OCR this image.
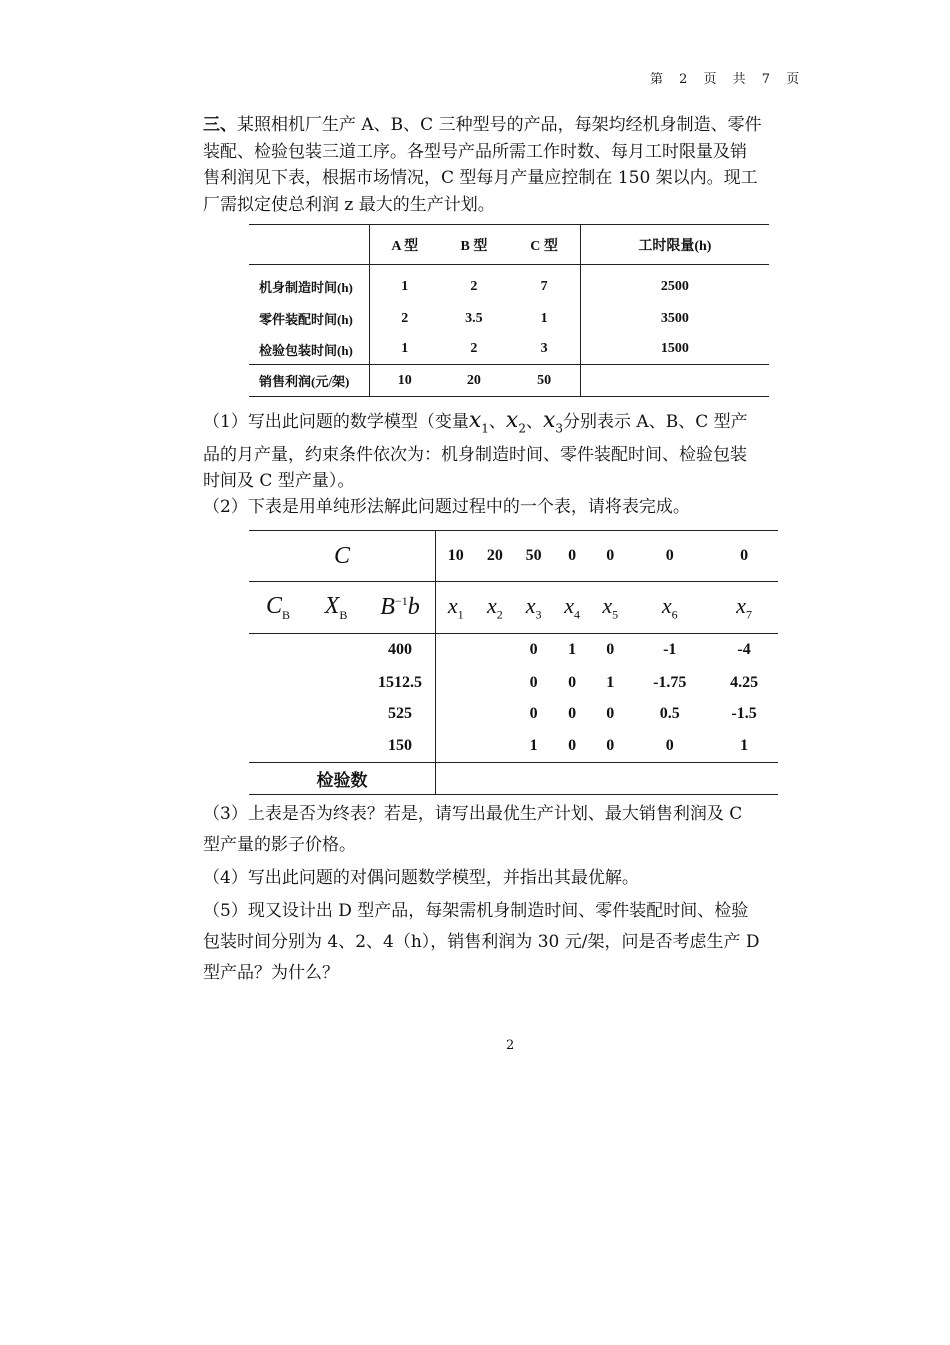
第 2 页 共 7 页

三、某照相机厂生产 A、B、C 三种型号的产品，每架均经机身制造、零件装配、检验包装三道工序。各型号产品所需工作时数、每月工时限量及销售利润见下表，根据市场情况，C 型每月产量应控制在 150 架以内。现工厂需拟定使总利润 z 最大的生产计划。

	A 型	B 型	C 型	工时限量(h)
机身制造时间(h)	1	2	7	2500
零件装配时间(h)	2	3.5	1	3500
检验包装时间(h)	1	2	3	1500
销售利润(元/架)	10	20	50	

（1）写出此问题的数学模型（变量$x_1$、$x_2$、$x_3$分别表示 A、B、C 型产品的月产量，约束条件依次为：机身制造时间、零件装配时间、检验包装时间及 C 型产量）。

（2）下表是用单纯形法解此问题过程中的一个表，请将表完成。

C			10	20	50	0	0	0	0
$C_B$	$X_B$	$B^{-1}b$	$x_1$	$x_2$	$x_3$	$x_4$	$x_5$	$x_6$	$x_7$
		400			0	1	0	-1	-4
		1512.5			0	0	1	-1.75	4.25
		525			0	0	0	0.5	-1.5
		150			1	0	0	0	1
检验数									

（3）上表是否为终表？若是，请写出最优生产计划、最大销售利润及 C 型产量的影子价格。

（4）写出此问题的对偶问题数学模型，并指出其最优解。

（5）现又设计出 D 型产品，每架需机身制造时间、零件装配时间、检验包装时间分别为 4、2、4（h），销售利润为 30 元/架，问是否考虑生产 D 型产品？为什么？

2
